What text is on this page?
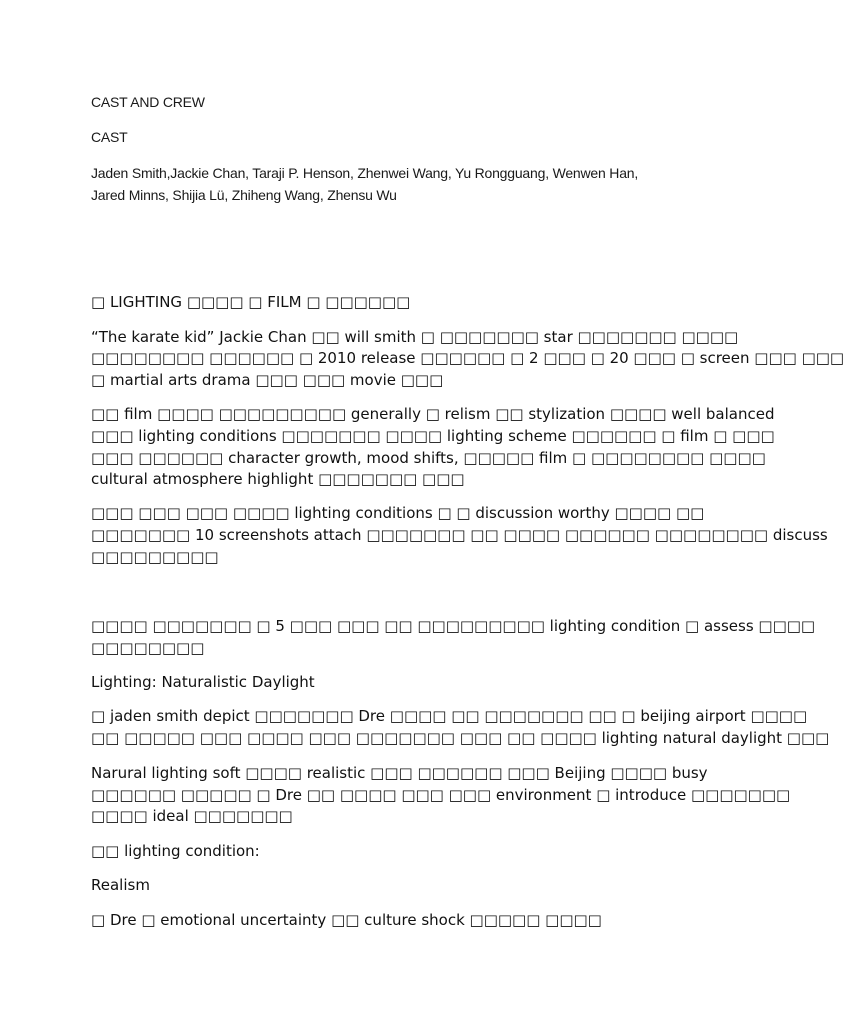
CAST AND CREW

CAST

Jaden Smith,Jackie Chan, Taraji P. Henson, Zhenwei Wang, Yu Rongguang, Wenwen Han,

Jared Minns, Shijia Lü, Zhiheng Wang, Zhensu Wu

□ LIGHTING □□□□ □ FILM □ □□□□□□

“The karate kid” Jackie Chan □□ will smith □ □□□□□□□ star □□□□□□□ □□□□

□□□□□□□□ □□□□□□ □ 2010 release □□□□□□ □ 2 □□□ □ 20 □□□ □ screen □□□ □□□

□ martial arts drama □□□ □□□ movie □□□

□□ film □□□□ □□□□□□□□□ generally □ relism □□ stylization □□□□ well balanced

□□□ lighting conditions □□□□□□□ □□□□ lighting scheme □□□□□□ □ film □ □□□

□□□ □□□□□□ character growth, mood shifts, □□□□□ film □ □□□□□□□□ □□□□

cultural atmosphere highlight □□□□□□□ □□□

□□□ □□□ □□□ □□□□ lighting conditions □ □ discussion worthy □□□□ □□

□□□□□□□ 10 screenshots attach □□□□□□□ □□ □□□□ □□□□□□ □□□□□□□□ discuss

□□□□□□□□□

□□□□ □□□□□□□ □ 5 □□□ □□□ □□ □□□□□□□□□ lighting condition □ assess □□□□

□□□□□□□□

Lighting: Naturalistic Daylight

□ jaden smith depict □□□□□□□ Dre □□□□ □□ □□□□□□□ □□ □ beijing airport □□□□

□□ □□□□□ □□□ □□□□ □□□ □□□□□□□ □□□ □□ □□□□ lighting natural daylight □□□

Narural lighting soft □□□□ realistic □□□ □□□□□□ □□□ Beijing □□□□ busy

□□□□□□ □□□□□ □ Dre □□ □□□□ □□□ □□□ environment □ introduce □□□□□□□

□□□□ ideal □□□□□□□

□□ lighting condition:

Realism

□ Dre □ emotional uncertainty □□ culture shock □□□□□ □□□□
